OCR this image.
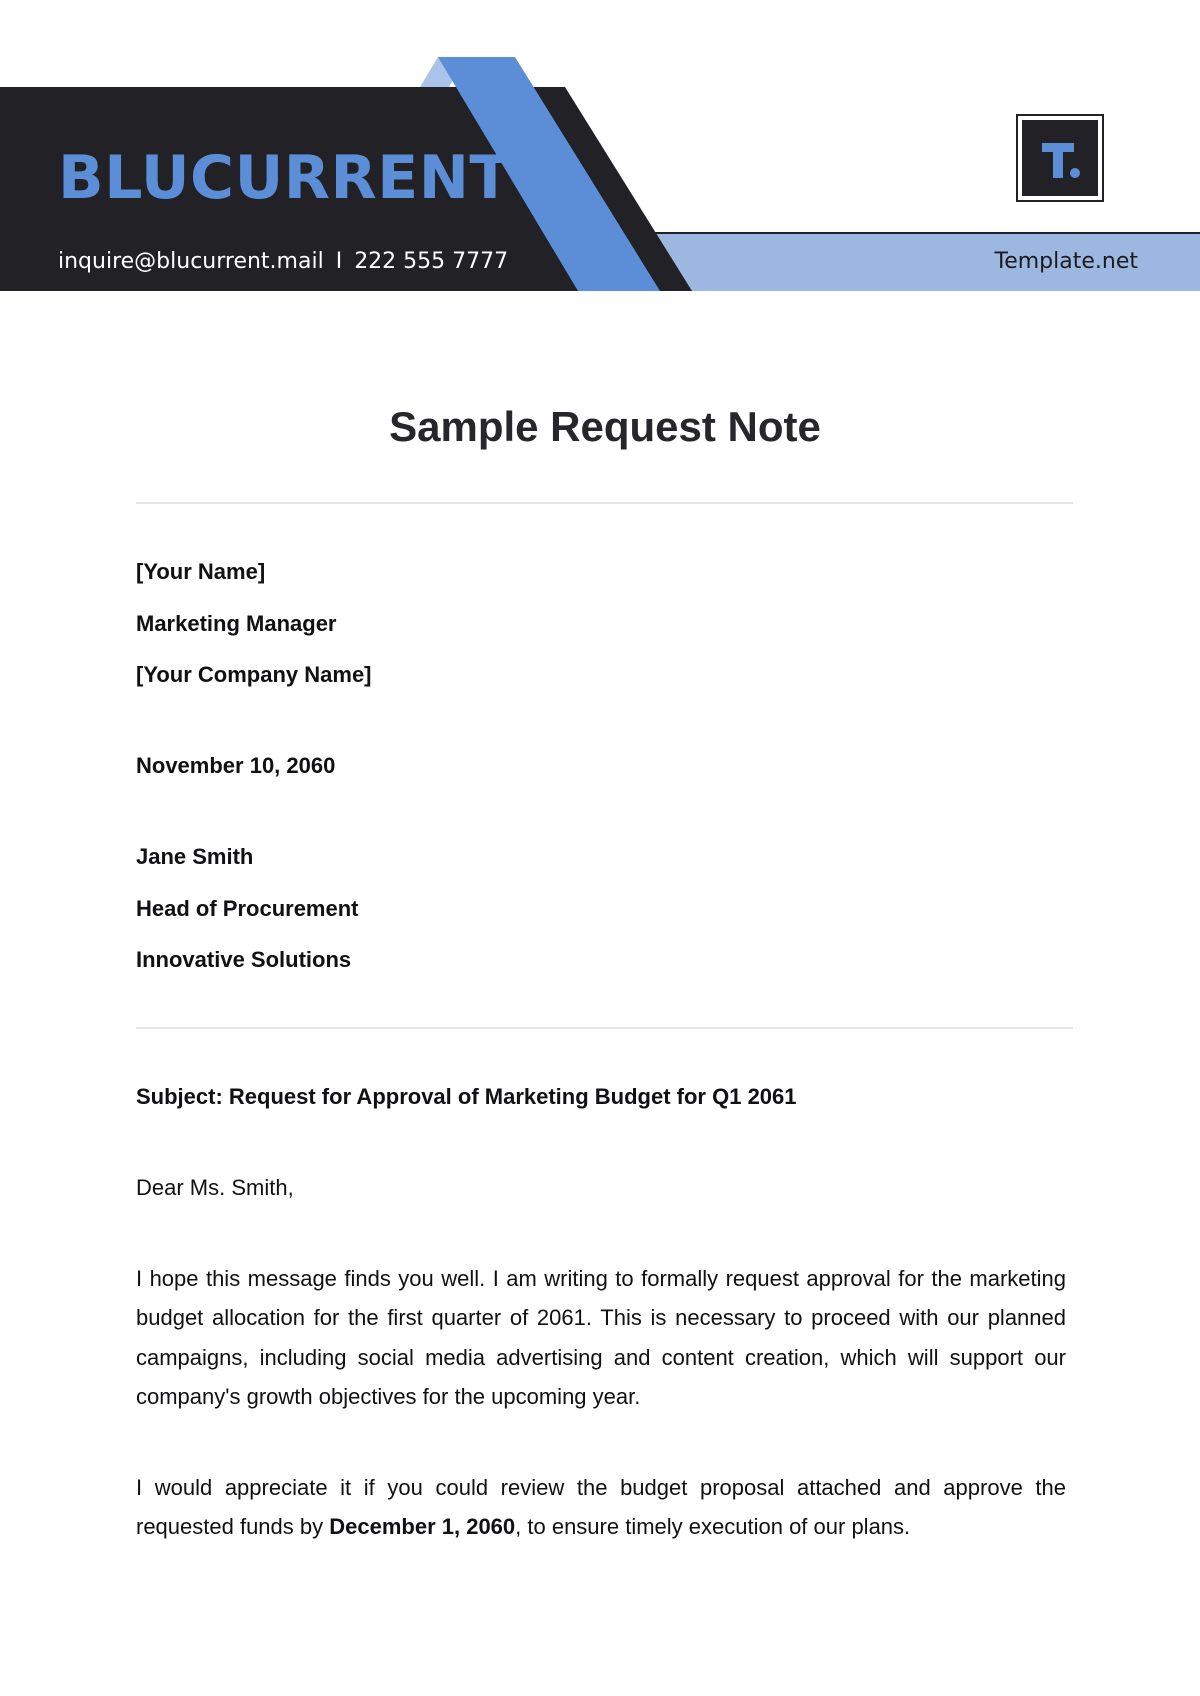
BLUCURRENT
inquire@blucurrent.mail I 222 555 7777	Template.net
Sample Request Note
[Your Name]
Marketing Manager
[Your Company Name]
November 10, 2060
Jane Smith
Head of Procurement
Innovative Solutions
Subject: Request for Approval of Marketing Budget for Q1 2061
Dear Ms. Smith,
I hope this message finds you well. I am writing to formally request approval for the marketing budget allocation for the first quarter of 2061. This is necessary to proceed with our planned campaigns, including social media advertising and content creation, which will support our company's growth objectives for the upcoming year.
I would appreciate it if you could review the budget proposal attached and approve the requested funds by December 1, 2060, to ensure timely execution of our plans.
